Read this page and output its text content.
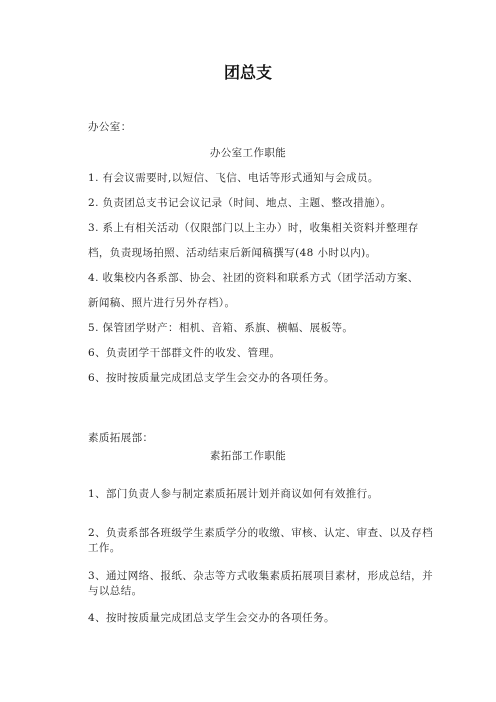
团总支
办公室：
办公室工作职能
1. 有会议需要时,以短信、飞信、电话等形式通知与会成员。
2. 负责团总支书记会议记录（时间、地点、主题、整改措施）。
3. 系上有相关活动（仅限部门以上主办）时，收集相关资料并整理存
档，负责现场拍照、活动结束后新闻稿撰写(48 小时以内)。
4. 收集校内各系部、协会、社团的资料和联系方式（团学活动方案、
新闻稿、照片进行另外存档）。
5. 保管团学财产：相机、音箱、系旗、横幅、展板等。
6、负责团学干部群文件的收发、管理。
6、按时按质量完成团总支学生会交办的各项任务。
素质拓展部：
素拓部工作职能
1、部门负责人参与制定素质拓展计划并商议如何有效推行。
2、负责系部各班级学生素质学分的收缴、审核、认定、审查、以及存档工作。
3、通过网络、报纸、杂志等方式收集素质拓展项目素材，形成总结，并与以总结。
4、按时按质量完成团总支学生会交办的各项任务。
